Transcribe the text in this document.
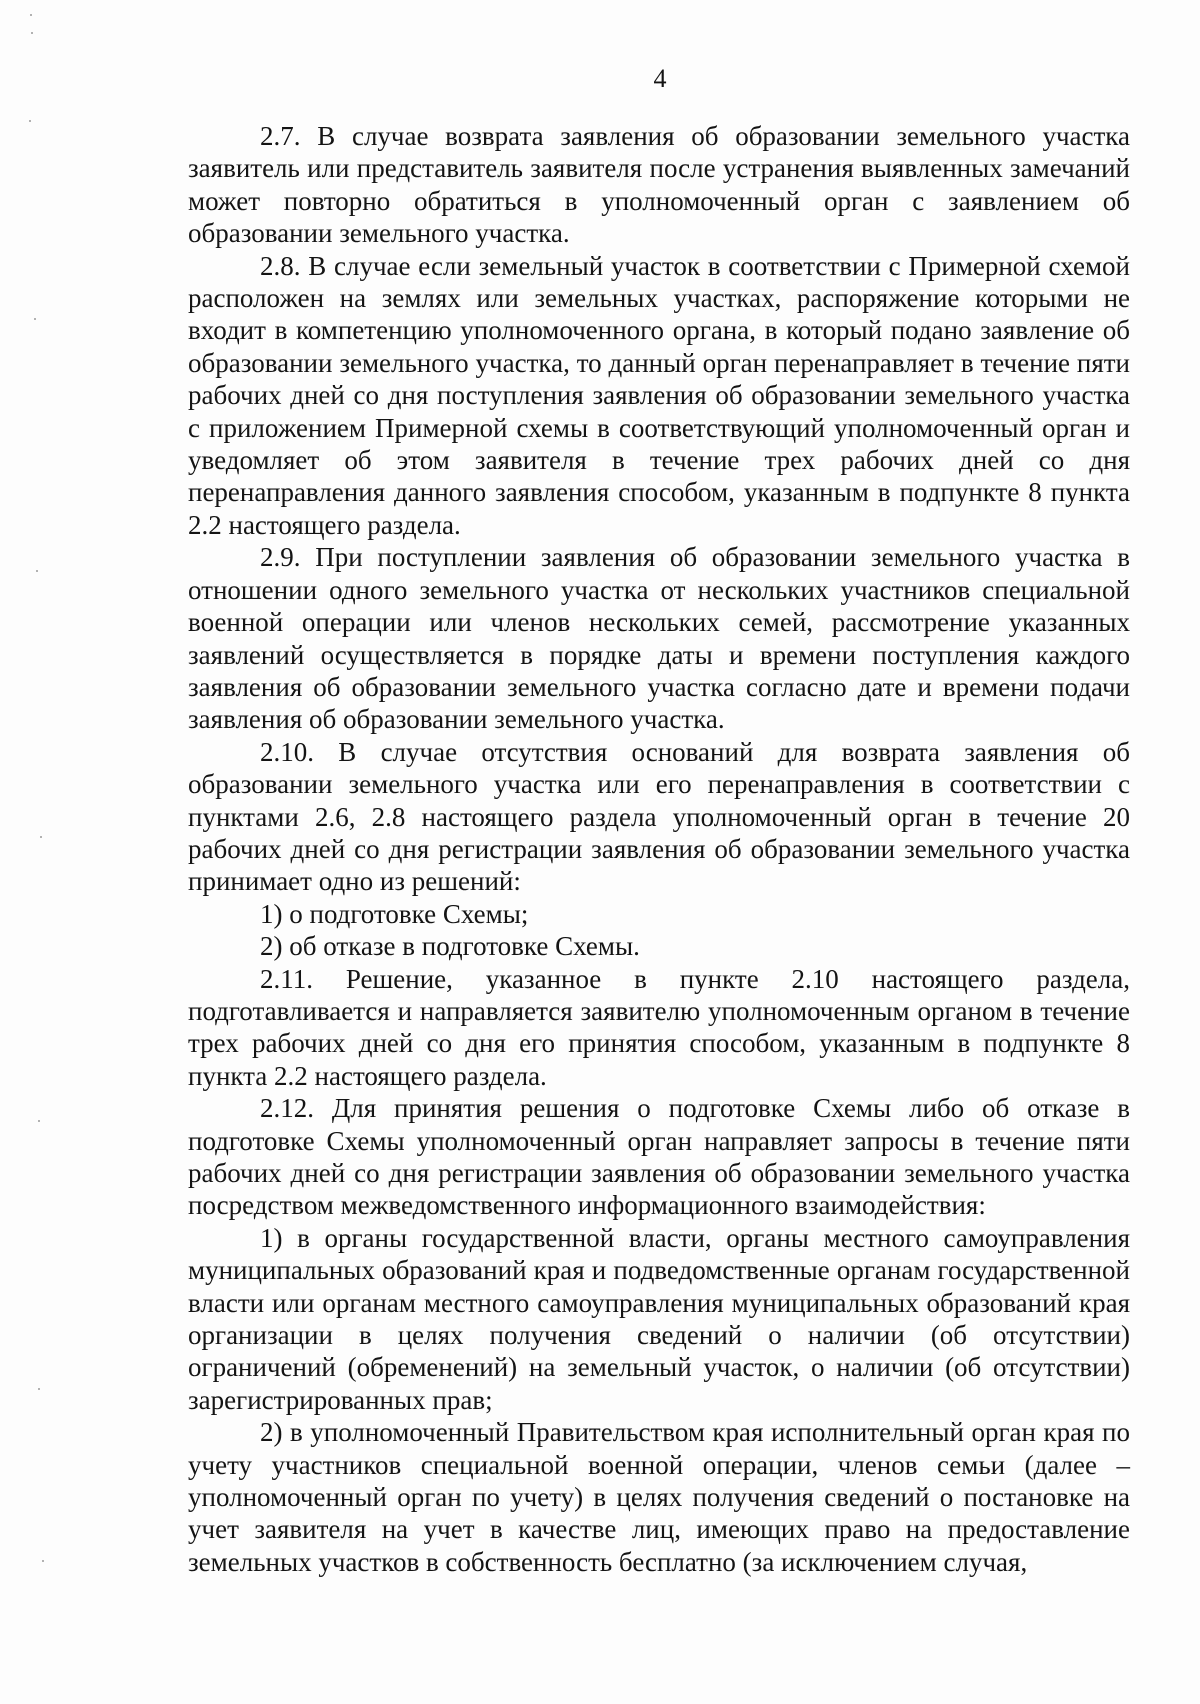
4

2.7. В случае возврата заявления об образовании земельного участка заявитель или представитель заявителя после устранения выявленных замечаний может повторно обратиться в уполномоченный орган с заявлением об образовании земельного участка.

2.8. В случае если земельный участок в соответствии с Примерной схемой расположен на землях или земельных участках, распоряжение которыми не входит в компетенцию уполномоченного органа, в который подано заявление об образовании земельного участка, то данный орган перенаправляет в течение пяти рабочих дней со дня поступления заявления об образовании земельного участка с приложением Примерной схемы в соответствующий уполномоченный орган и уведомляет об этом заявителя в течение трех рабочих дней со дня перенаправления данного заявления способом, указанным в подпункте 8 пункта 2.2 настоящего раздела.

2.9. При поступлении заявления об образовании земельного участка в отношении одного земельного участка от нескольких участников специальной военной операции или членов нескольких семей, рассмотрение указанных заявлений осуществляется в порядке даты и времени поступления каждого заявления об образовании земельного участка согласно дате и времени подачи заявления об образовании земельного участка.

2.10. В случае отсутствия оснований для возврата заявления об образовании земельного участка или его перенаправления в соответствии с пунктами 2.6, 2.8 настоящего раздела уполномоченный орган в течение 20 рабочих дней со дня регистрации заявления об образовании земельного участка принимает одно из решений:

1) о подготовке Схемы;

2) об отказе в подготовке Схемы.

2.11. Решение, указанное в пункте 2.10 настоящего раздела, подготавливается и направляется заявителю уполномоченным органом в течение трех рабочих дней со дня его принятия способом, указанным в подпункте 8 пункта 2.2 настоящего раздела.

2.12. Для принятия решения о подготовке Схемы либо об отказе в подготовке Схемы уполномоченный орган направляет запросы в течение пяти рабочих дней со дня регистрации заявления об образовании земельного участка посредством межведомственного информационного взаимодействия:

1) в органы государственной власти, органы местного самоуправления муниципальных образований края и подведомственные органам государственной власти или органам местного самоуправления муниципальных образований края организации в целях получения сведений о наличии (об отсутствии) ограничений (обременений) на земельный участок, о наличии (об отсутствии) зарегистрированных прав;

2) в уполномоченный Правительством края исполнительный орган края по учету участников специальной военной операции, членов семьи (далее – уполномоченный орган по учету) в целях получения сведений о постановке на учет заявителя на учет в качестве лиц, имеющих право на предоставление земельных участков в собственность бесплатно (за исключением случая,
